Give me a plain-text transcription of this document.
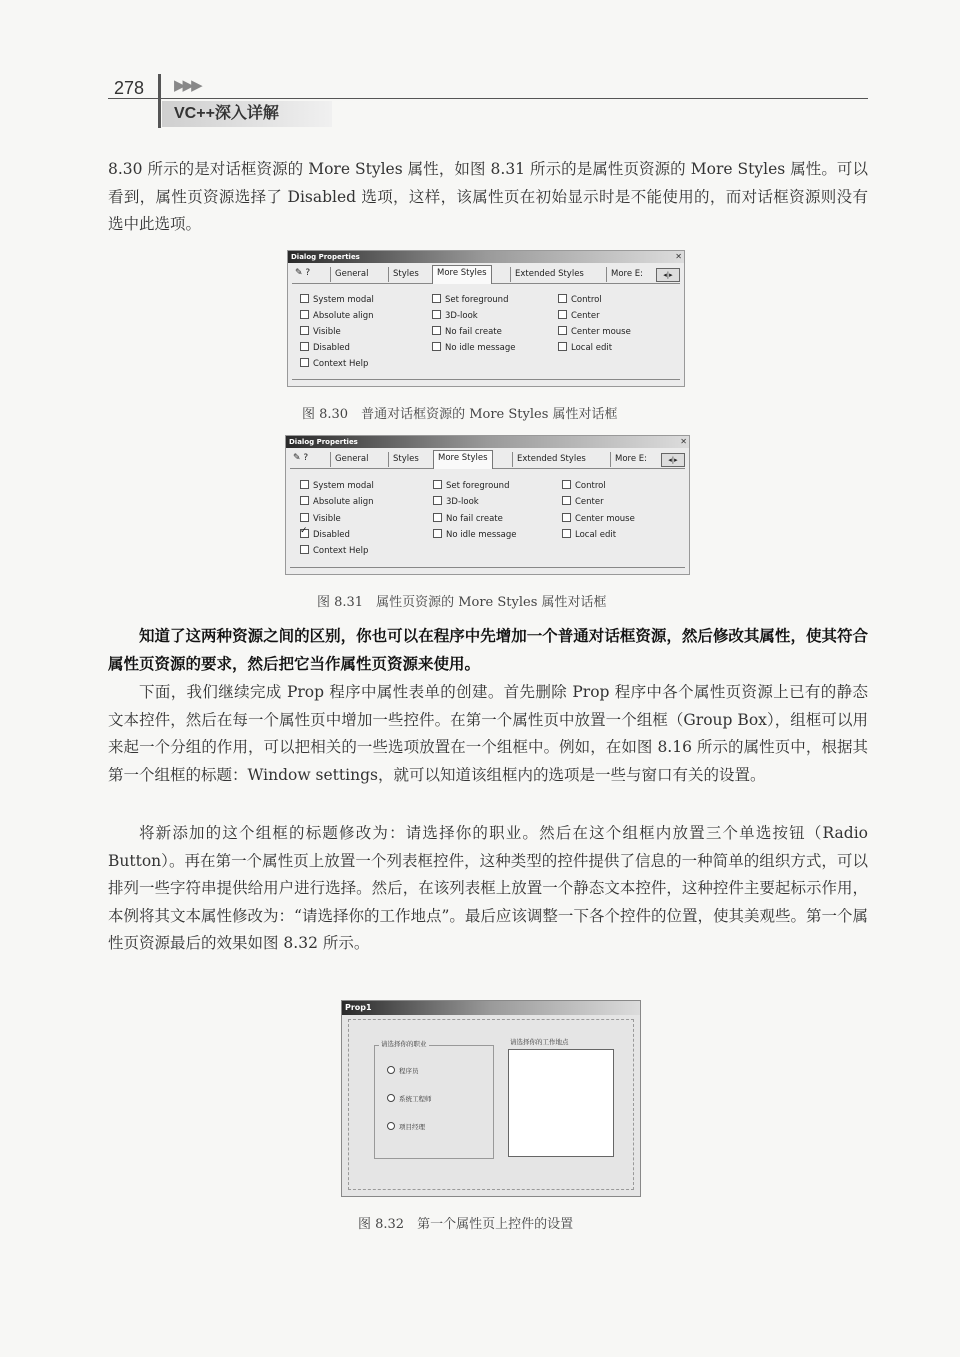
278 ▶▶▶
VC++深入详解

8.30 所示的是对话框资源的 More Styles 属性，如图 8.31 所示的是属性页资源的 More Styles 属性。可以看到，属性页资源选择了 Disabled 选项，这样，该属性页在初始显示时是不能使用的，而对话框资源则没有选中此选项。

Dialog Properties	✕
✎ ?	General	Styles	More Styles	Extended Styles	More E:	◂|▸
System modal
Absolute align
Visible
Disabled
Context Help
Set foreground
3D-look
No fail create
No idle message
Control
Center
Center mouse
Local edit
图 8.30　普通对话框资源的 More Styles 属性对话框
Dialog Properties	✕
✎ ?	General	Styles	More Styles	Extended Styles	More E:	◂|▸
System modal
Absolute align
Visible
✓Disabled
Context Help
Set foreground
3D-look
No fail create
No idle message
Control
Center
Center mouse
Local edit
图 8.31　属性页资源的 More Styles 属性对话框

知道了这两种资源之间的区别，你也可以在程序中先增加一个普通对话框资源，然后修改其属性，使其符合属性页资源的要求，然后把它当作属性页资源来使用。

下面，我们继续完成 Prop 程序中属性表单的创建。首先删除 Prop 程序中各个属性页资源上已有的静态文本控件，然后在每一个属性页中增加一些控件。在第一个属性页中放置一个组框（Group Box），组框可以用来起一个分组的作用，可以把相关的一些选项放置在一个组框中。例如，在如图 8.16 所示的属性页中，根据其第一个组框的标题：Window settings，就可以知道该组框内的选项是一些与窗口有关的设置。

将新添加的这个组框的标题修改为：请选择你的职业。然后在这个组框内放置三个单选按钮（Radio Button）。再在第一个属性页上放置一个列表框控件，这种类型的控件提供了信息的一种简单的组织方式，可以排列一些字符串提供给用户进行选择。然后，在该列表框上放置一个静态文本控件，这种控件主要起标示作用，本例将其文本属性修改为：“请选择你的工作地点”。最后应该调整一下各个控件的位置，使其美观些。第一个属性页资源最后的效果如图 8.32 所示。

Prop1
请选择你的职业
程序员
系统工程师
项目经理
请选择你的工作地点
图 8.32　第一个属性页上控件的设置
